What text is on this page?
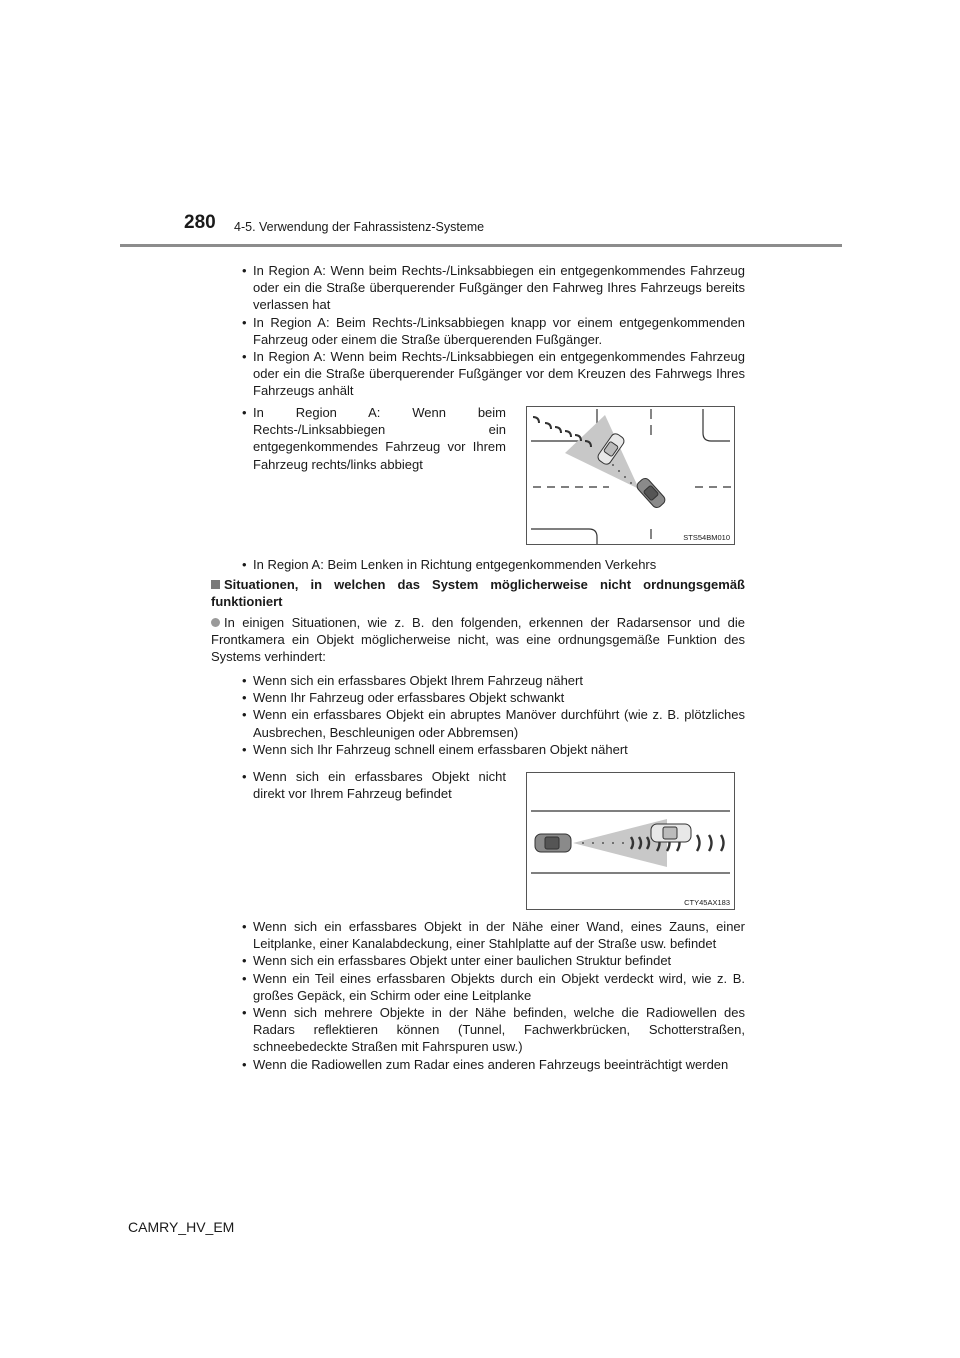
280 4-5. Verwendung der Fahrassistenz-Systeme
• In Region A: Wenn beim Rechts-/Linksabbiegen ein entgegenkommendes Fahrzeug oder ein die Straße überquerender Fußgänger den Fahrweg Ihres Fahrzeugs bereits verlassen hat
• In Region A: Beim Rechts-/Linksabbiegen knapp vor einem entgegenkommenden Fahrzeug oder einem die Straße überquerenden Fußgänger.
• In Region A: Wenn beim Rechts-/Linksabbiegen ein entgegenkommendes Fahrzeug oder ein die Straße überquerender Fußgänger vor dem Kreuzen des Fahrwegs Ihres Fahrzeugs anhält
• In Region A: Wenn beim Rechts-/Linksabbiegen ein entgegenkommendes Fahrzeug vor Ihrem Fahrzeug rechts/links abbiegt
STS54BM010
• In Region A: Beim Lenken in Richtung entgegenkommenden Verkehrs
Situationen, in welchen das System möglicherweise nicht ordnungsgemäß funktioniert
In einigen Situationen, wie z. B. den folgenden, erkennen der Radarsensor und die Frontkamera ein Objekt möglicherweise nicht, was eine ordnungsgemäße Funktion des Systems verhindert:
• Wenn sich ein erfassbares Objekt Ihrem Fahrzeug nähert
• Wenn Ihr Fahrzeug oder erfassbares Objekt schwankt
• Wenn ein erfassbares Objekt ein abruptes Manöver durchführt (wie z. B. plötzliches Ausbrechen, Beschleunigen oder Abbremsen)
• Wenn sich Ihr Fahrzeug schnell einem erfassbaren Objekt nähert
• Wenn sich ein erfassbares Objekt nicht direkt vor Ihrem Fahrzeug befindet
CTY45AX183
• Wenn sich ein erfassbares Objekt in der Nähe einer Wand, eines Zauns, einer Leitplanke, einer Kanalabdeckung, einer Stahlplatte auf der Straße usw. befindet
• Wenn sich ein erfassbares Objekt unter einer baulichen Struktur befindet
• Wenn ein Teil eines erfassbaren Objekts durch ein Objekt verdeckt wird, wie z. B. großes Gepäck, ein Schirm oder eine Leitplanke
• Wenn sich mehrere Objekte in der Nähe befinden, welche die Radiowellen des Radars reflektieren können (Tunnel, Fachwerkbrücken, Schotterstraßen, schneebedeckte Straßen mit Fahrspuren usw.)
• Wenn die Radiowellen zum Radar eines anderen Fahrzeugs beeinträchtigt werden
CAMRY_HV_EM
